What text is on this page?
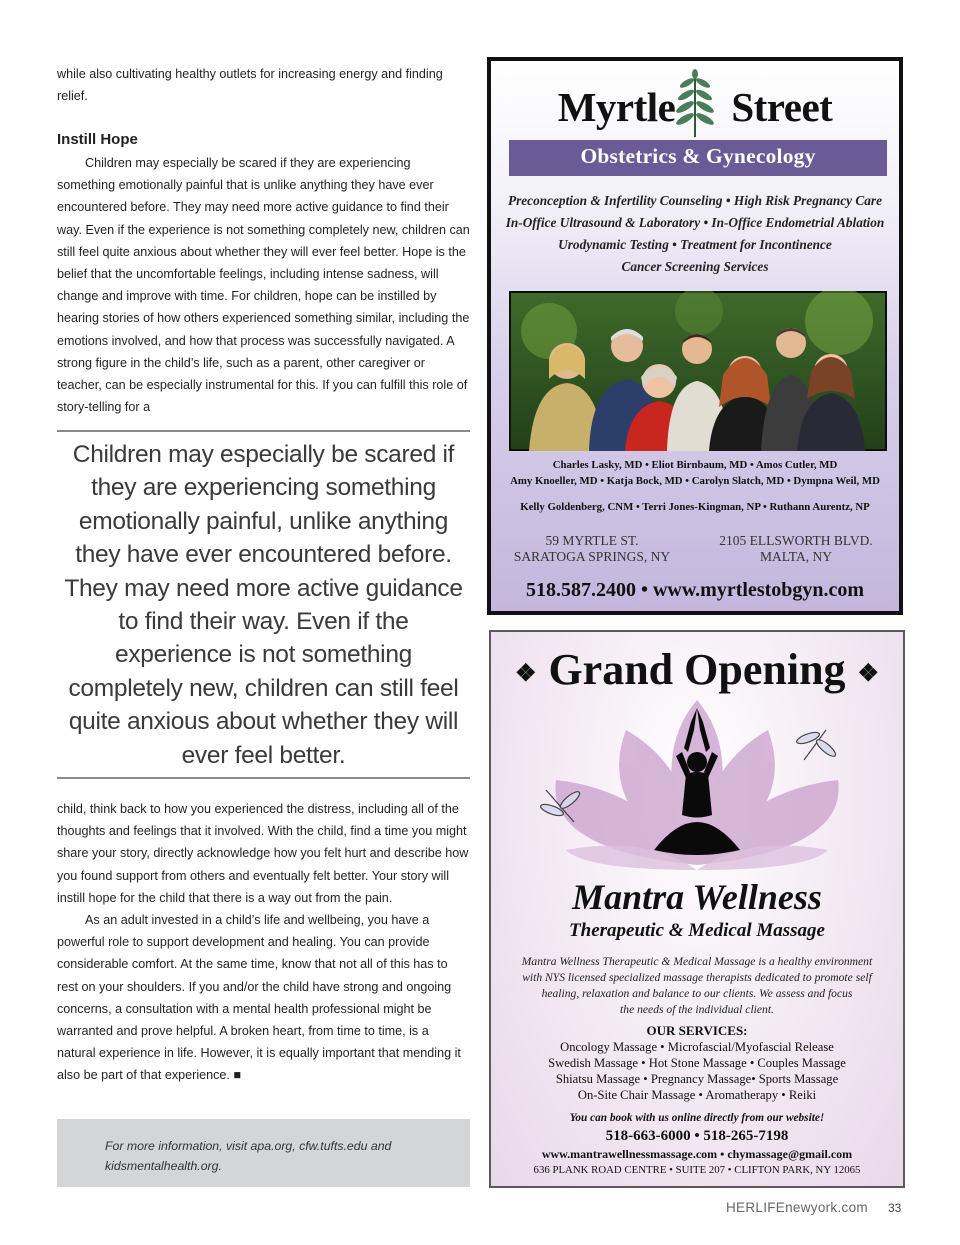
while also cultivating healthy outlets for increasing energy and finding relief.

Instill Hope

Children may especially be scared if they are experiencing something emotionally painful that is unlike anything they have ever encountered before. They may need more active guidance to find their way. Even if the experience is not something completely new, children can still feel quite anxious about whether they will ever feel better. Hope is the belief that the uncomfortable feelings, including intense sadness, will change and improve with time. For children, hope can be instilled by hearing stories of how others experienced something similar, including the emotions involved, and how that process was successfully navigated. A strong figure in the child’s life, such as a parent, other caregiver or teacher, can be especially instrumental for this. If you can fulfill this role of story-telling for a

Children may especially be scared if they are experiencing something emotionally painful, unlike anything they have ever encountered before. They may need more active guidance to find their way. Even if the experience is not something completely new, children can still feel quite anxious about whether they will ever feel better.

child, think back to how you experienced the distress, including all of the thoughts and feelings that it involved. With the child, find a time you might share your story, directly acknowledge how you felt hurt and describe how you found support from others and eventually felt better. Your story will instill hope for the child that there is a way out from the pain.

As an adult invested in a child’s life and wellbeing, you have a powerful role to support development and healing. You can provide considerable comfort. At the same time, know that not all of this has to rest on your shoulders. If you and/or the child have strong and ongoing concerns, a consultation with a mental health professional might be warranted and prove helpful. A broken heart, from time to time, is a natural experience in life. However, it is equally important that mending it also be part of that experience. ■

For more information, visit apa.org, cfw.tufts.edu and kidsmentalhealth.org.

Myrtle Street
Obstetrics & Gynecology
Preconception & Infertility Counseling • High Risk Pregnancy Care
In-Office Ultrasound & Laboratory • In-Office Endometrial Ablation
Urodynamic Testing • Treatment for Incontinence
Cancer Screening Services
Charles Lasky, MD • Eliot Birnbaum, MD • Amos Cutler, MD
Amy Knoeller, MD • Katja Bock, MD • Carolyn Slatch, MD • Dympna Weil, MD
Kelly Goldenberg, CNM • Terri Jones-Kingman, NP • Ruthann Aurentz, NP
59 MYRTLE ST.
SARATOGA SPRINGS, NY
2105 ELLSWORTH BLVD.
MALTA, NY
518.587.2400 • www.myrtlestobgyn.com
❖ Grand Opening ❖
Mantra Wellness
Therapeutic & Medical Massage
Mantra Wellness Therapeutic & Medical Massage is a healthy environment
with NYS licensed specialized massage therapists dedicated to promote self
healing, relaxation and balance to our clients. We assess and focus
the needs of the individual client.
OUR SERVICES:
Oncology Massage • Microfascial/Myofascial Release
Swedish Massage • Hot Stone Massage • Couples Massage
Shiatsu Massage • Pregnancy Massage• Sports Massage
On-Site Chair Massage • Aromatherapy • Reiki
You can book with us online directly from our website!
518-663-6000 • 518-265-7198
www.mantrawellnessmassage.com • chymassage@gmail.com
636 PLANK ROAD CENTRE • SUITE 207 • CLIFTON PARK, NY 12065
HERLIFEnewyork.com 33
